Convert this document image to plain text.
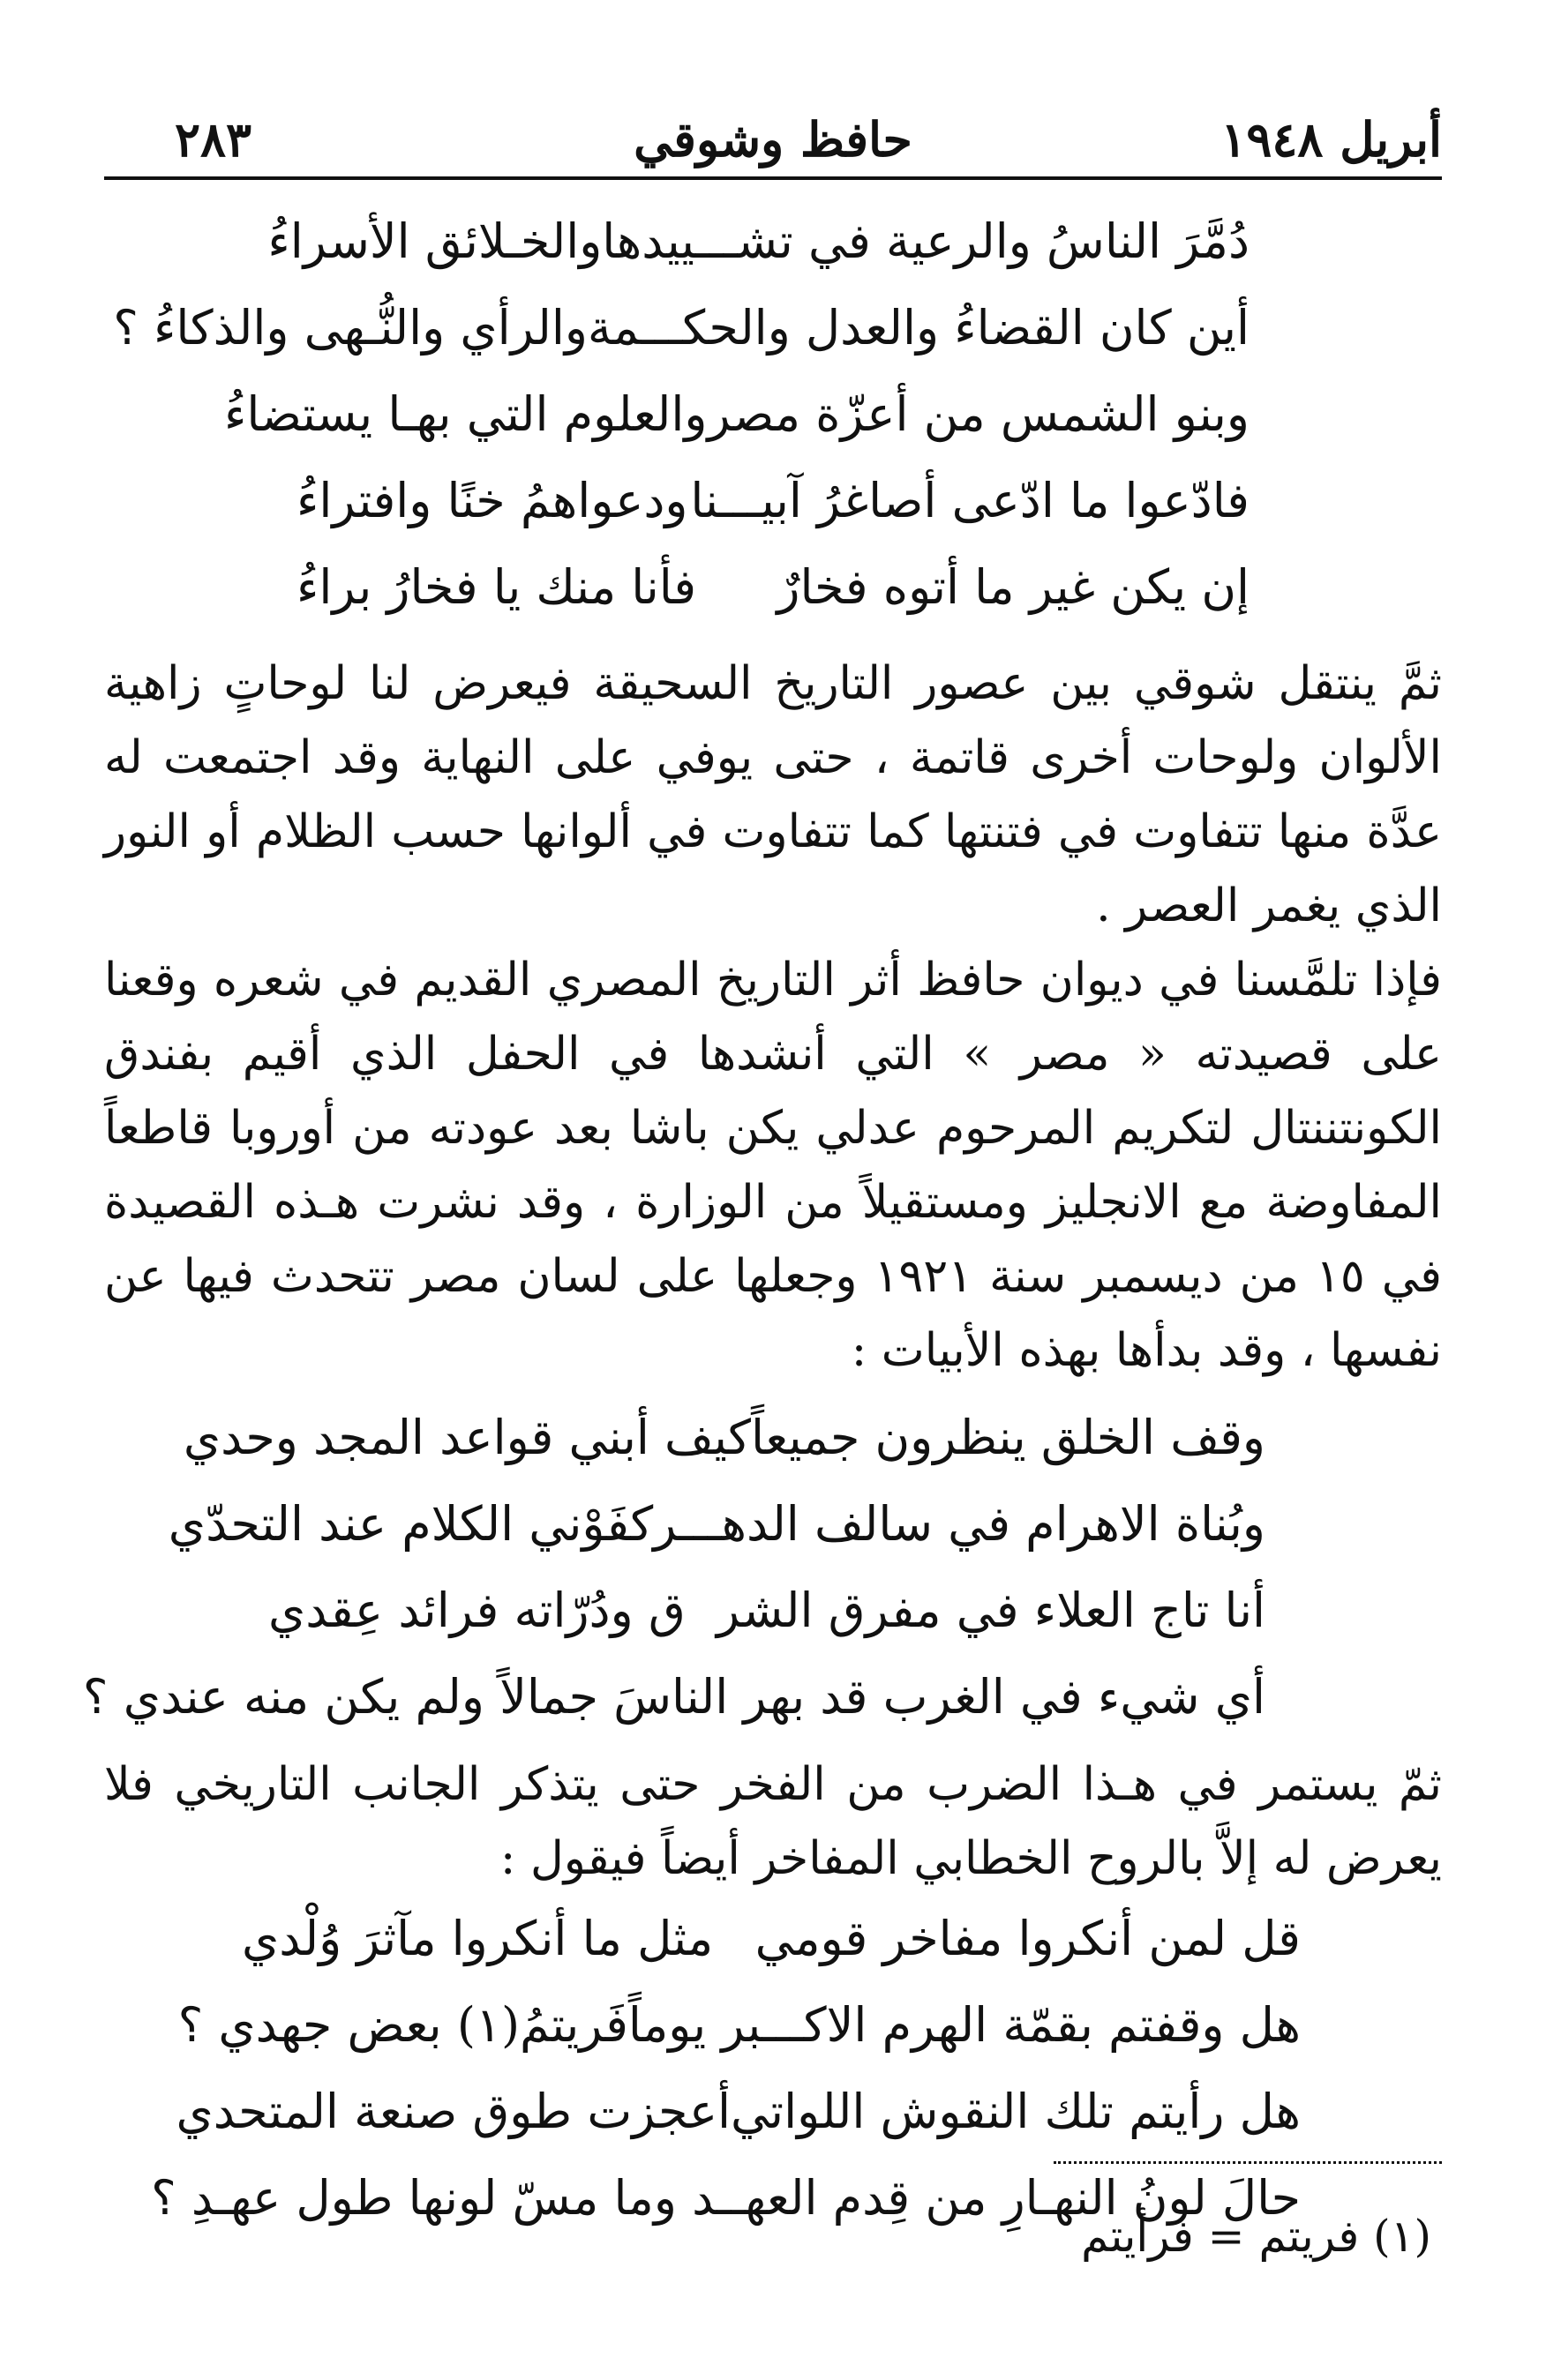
أبريل ١٩٤٨
حافظ وشوقي
٢٨٣
دُمَّرَ الناسُ والرعية في تشـــييدها
والخـلائق الأسراءُ
أين كان القضاءُ والعدل والحكـــمة
والرأي والنُّـهى والذكاءُ ؟
وبنو الشمس من أعزّة مصر
والعلوم التي بهـا يستضاءُ
فادّعوا ما ادّعى أصاغرُ آبيـــنا
ودعواهمُ خنًا وافتراءُ
إن يكن غير ما أتوه فخارٌ
فأنا منك يا فخارُ براءُ

ثمَّ ينتقل شوقي بين عصور التاريخ السحيقة فيعرض لنا لوحاتٍ زاهية الألوان ولوحات أخرى قاتمة ، حتى يوفي على النهاية وقد اجتمعت له عدَّة منها تتفاوت في فتنتها كما تتفاوت في ألوانها حسب الظلام أو النور الذي يغمر العصر .

فإذا تلمَّسنا في ديوان حافظ أثر التاريخ المصري القديم في شعره وقعنا على قصيدته « مصر » التي أنشدها في الحفل الذي أقيم بفندق الكونتننتال لتكريم المرحوم عدلي يكن باشا بعد عودته من أوروبا قاطعاً المفاوضة مع الانجليز ومستقيلاً من الوزارة ، وقد نشرت هـذه القصيدة في ١٥ من ديسمبر سنة ١٩٢١ وجعلها على لسان مصر تتحدث فيها عن نفسها ، وقد بدأها بهذه الأبيات :

وقف الخلق ينظرون جميعاً
كيف أبني قواعد المجد وحدي
وبُناة الاهرام في سالف الدهـــر
كفَوْني الكلام عند التحدّي
أنا تاج العلاء في مفرق الشر
ق ودُرّاته فرائد عِقدي
أي شيء في الغرب قد بهر النا
سَ جمالاً ولم يكن منه عندي ؟

ثمّ يستمر في هـذا الضرب من الفخر حتى يتذكر الجانب التاريخي فلا يعرض له إلاَّ بالروح الخطابي المفاخر أيضاً فيقول :

قل لمن أنكروا مفاخر قومي
مثل ما أنكروا مآثرَ وُلْدي
هل وقفتم بقمّة الهرم الاكـــبر يوماً
فَريتمُ(١) بعض جهدي ؟
هل رأيتم تلك النقوش اللواتي
أعجزت طوق صنعة المتحدي
حالَ لونُ النهـارِ من قِدم العهـ
ـد وما مسّ لونها طول عهـدِ ؟
(١) فريتم = فرأيتم
